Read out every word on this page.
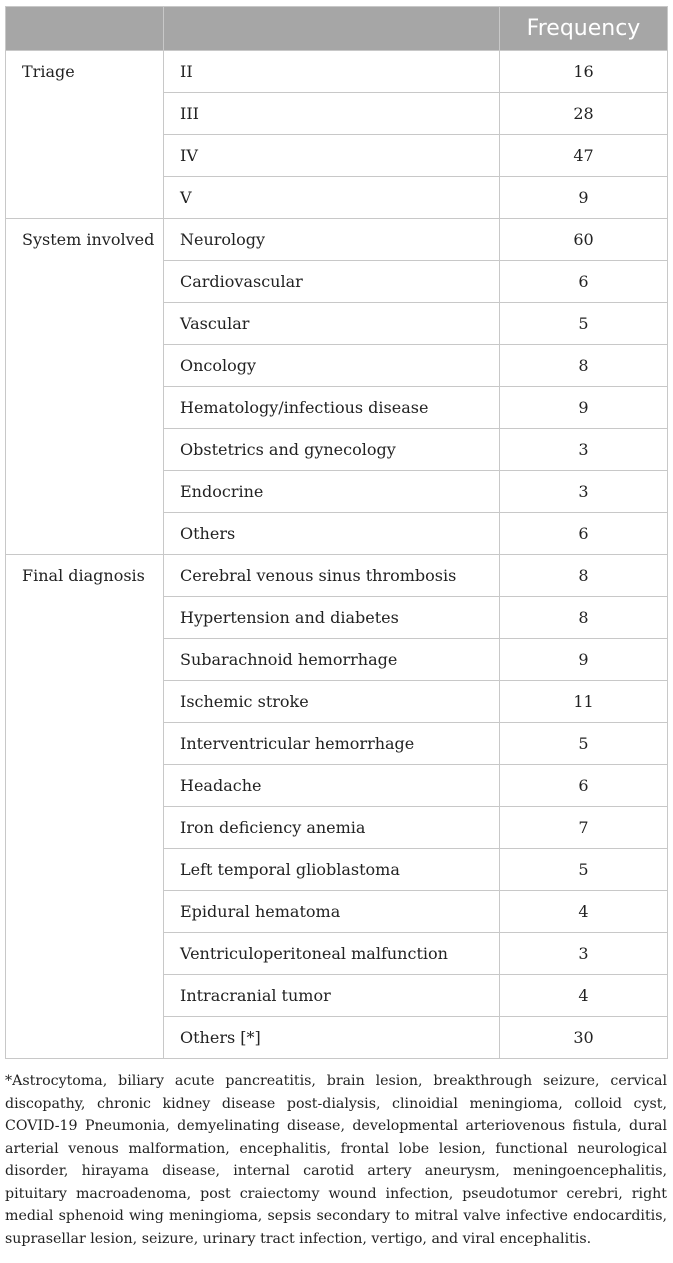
		Frequency
Triage	II	16
	III	28
	IV	47
	V	9
System involved	Neurology	60
	Cardiovascular	6
	Vascular	5
	Oncology	8
	Hematology/infectious disease	9
	Obstetrics and gynecology	3
	Endocrine	3
	Others	6
Final diagnosis	Cerebral venous sinus thrombosis	8
	Hypertension and diabetes	8
	Subarachnoid hemorrhage	9
	Ischemic stroke	11
	Interventricular hemorrhage	5
	Headache	6
	Iron deficiency anemia	7
	Left temporal glioblastoma	5
	Epidural hematoma	4
	Ventriculoperitoneal malfunction	3
	Intracranial tumor	4
	Others [*]	30

*Astrocytoma, biliary acute pancreatitis, brain lesion, breakthrough seizure, cervical discopathy, chronic kidney disease post-dialysis, clinoidial meningioma, colloid cyst, COVID-19 Pneumonia, demyelinating disease, developmental arteriovenous fistula, dural arterial venous malformation, encephalitis, frontal lobe lesion, functional neurological disorder, hirayama disease, internal carotid artery aneurysm, meningoencephalitis, pituitary macroadenoma, post craiectomy wound infection, pseudotumor cerebri, right medial sphenoid wing meningioma, sepsis secondary to mitral valve infective endocarditis, suprasellar lesion, seizure, urinary tract infection, vertigo, and viral encephalitis.
